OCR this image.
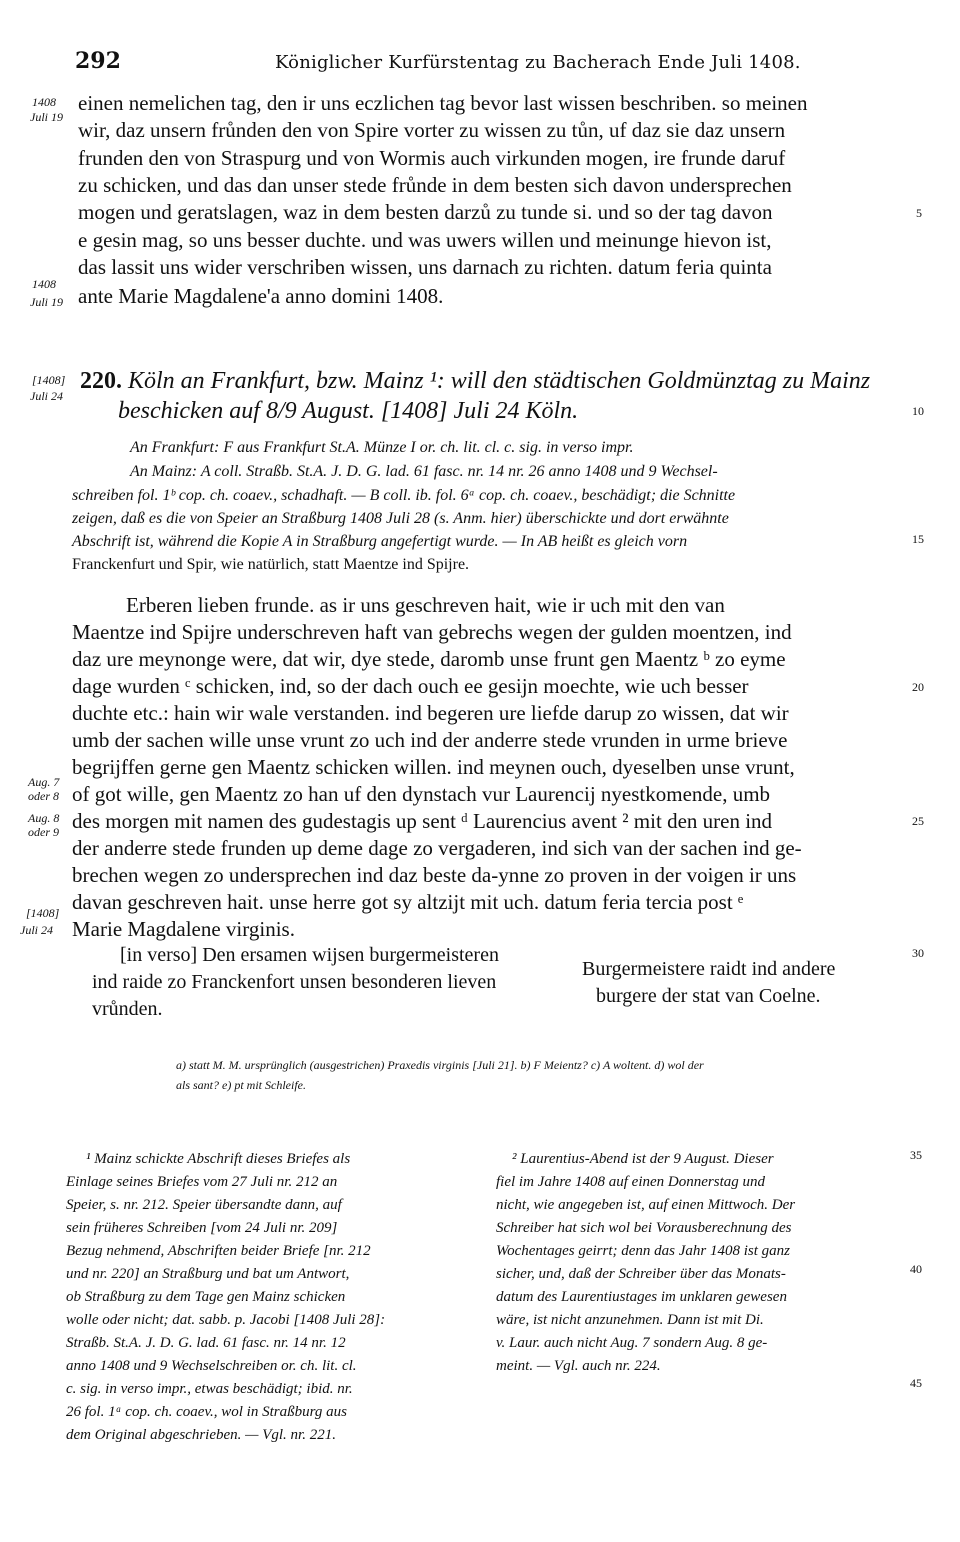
292	Königlicher Kurfürstentag zu Bacherach Ende Juli 1408.
1408
Juli 19
1408
Juli 19
einen nemelichen tag, den ir uns eczlichen tag bevor last wissen beschriben. so meinen
wir, daz unsern frůnden den von Spire vorter zu wissen zu tůn, uf daz sie daz unsern
frunden den von Straspurg und von Wormis auch virkunden mogen, ire frunde daruf
zu schicken, und das dan unser stede frůnde in dem besten sich davon undersprechen
mogen und geratslagen, waz in dem besten darzů zu tunde si. und so der tag davon
e gesin mag, so uns besser duchte. und was uwers willen und meinunge hievon ist,
das lassit uns wider verschriben wissen, uns darnach zu richten. datum feria quinta
ante Marie Magdalene'a anno domini 1408.
[1408]
Juli 24
220. Köln an Frankfurt, bzw. Mainz ¹: will den städtischen Goldmünztag zu Mainz
beschicken auf 8/9 August. [1408] Juli 24 Köln.
An Frankfurt: F aus Frankfurt St.A. Münze I or. ch. lit. cl. c. sig. in verso impr.
An Mainz: A coll. Straßb. St.A. J. D. G. lad. 61 fasc. nr. 14 nr. 26 anno 1408 und 9 Wechsel-
schreiben fol. 1ᵇ cop. ch. coaev., schadhaft. — B coll. ib. fol. 6ᵃ cop. ch. coaev., beschädigt; die Schnitte
zeigen, daß es die von Speier an Straßburg 1408 Juli 28 (s. Anm. hier) überschickte und dort erwähnte
Abschrift ist, während die Kopie A in Straßburg angefertigt wurde. — In AB heißt es gleich vorn
Franckenfurt und Spir, wie natürlich, statt Maentze ind Spijre.
Erberen lieben frunde. as ir uns geschreven hait, wie ir uch mit den van
Maentze ind Spijre underschreven haft van gebrechs wegen der gulden moentzen, ind
daz ure meynonge were, dat wir, dye stede, daromb unse frunt gen Maentz ᵇ zo eyme
dage wurden ᶜ schicken, ind, so der dach ouch ee gesijn moechte, wie uch besser
duchte etc.: hain wir wale verstanden. ind begeren ure liefde darup zo wissen, dat wir
umb der sachen wille unse vrunt zo uch ind der anderre stede vrunden in urme brieve
begrijffen gerne gen Maentz schicken willen. ind meynen ouch, dyeselben unse vrunt,
of got wille, gen Maentz zo han uf den dynstach vur Laurencij nyestkomende, umb
des morgen mit namen des gudestagis up sent ᵈ Laurencius avent ² mit den uren ind
der anderre stede frunden up deme dage zo vergaderen, ind sich van der sachen ind ge-
brechen wegen zo undersprechen ind daz beste da-ynne zo proven in der voigen ir uns
davan geschreven hait. unse herre got sy altzijt mit uch. datum feria tercia post ᵉ
Marie Magdalene virginis.
Aug. 7
oder 8
Aug. 8
oder 9
[1408]
Juli 24
[in verso] Den ersamen wijsen burgermeisteren
ind raide zo Franckenfort unsen besonderen lieven
vrůnden.
Burgermeistere raidt ind andere
burgere der stat van Coelne.
a) statt M. M. ursprünglich (ausgestrichen) Praxedis virginis [Juli 21]. b) F Meientz? c) A woltent. d) wol der
als sant? e) pt mit Schleife.
¹ Mainz schickte Abschrift dieses Briefes als
Einlage seines Briefes vom 27 Juli nr. 212 an
Speier, s. nr. 212. Speier übersandte dann, auf
sein früheres Schreiben [vom 24 Juli nr. 209]
Bezug nehmend, Abschriften beider Briefe [nr. 212
und nr. 220] an Straßburg und bat um Antwort,
ob Straßburg zu dem Tage gen Mainz schicken
wolle oder nicht; dat. sabb. p. Jacobi [1408 Juli 28]:
Straßb. St.A. J. D. G. lad. 61 fasc. nr. 14 nr. 12
anno 1408 und 9 Wechselschreiben or. ch. lit. cl.
c. sig. in verso impr., etwas beschädigt; ibid. nr.
26 fol. 1ᵃ cop. ch. coaev., wol in Straßburg aus
dem Original abgeschrieben. — Vgl. nr. 221.
² Laurentius-Abend ist der 9 August. Dieser
fiel im Jahre 1408 auf einen Donnerstag und
nicht, wie angegeben ist, auf einen Mittwoch. Der
Schreiber hat sich wol bei Vorausberechnung des
Wochentages geirrt; denn das Jahr 1408 ist ganz
sicher, und, daß der Schreiber über das Monats-
datum des Laurentiustages im unklaren gewesen
wäre, ist nicht anzunehmen. Dann ist mit Di.
v. Laur. auch nicht Aug. 7 sondern Aug. 8 ge-
meint. — Vgl. auch nr. 224.
5
10
15
20
25
30
35
40
45
